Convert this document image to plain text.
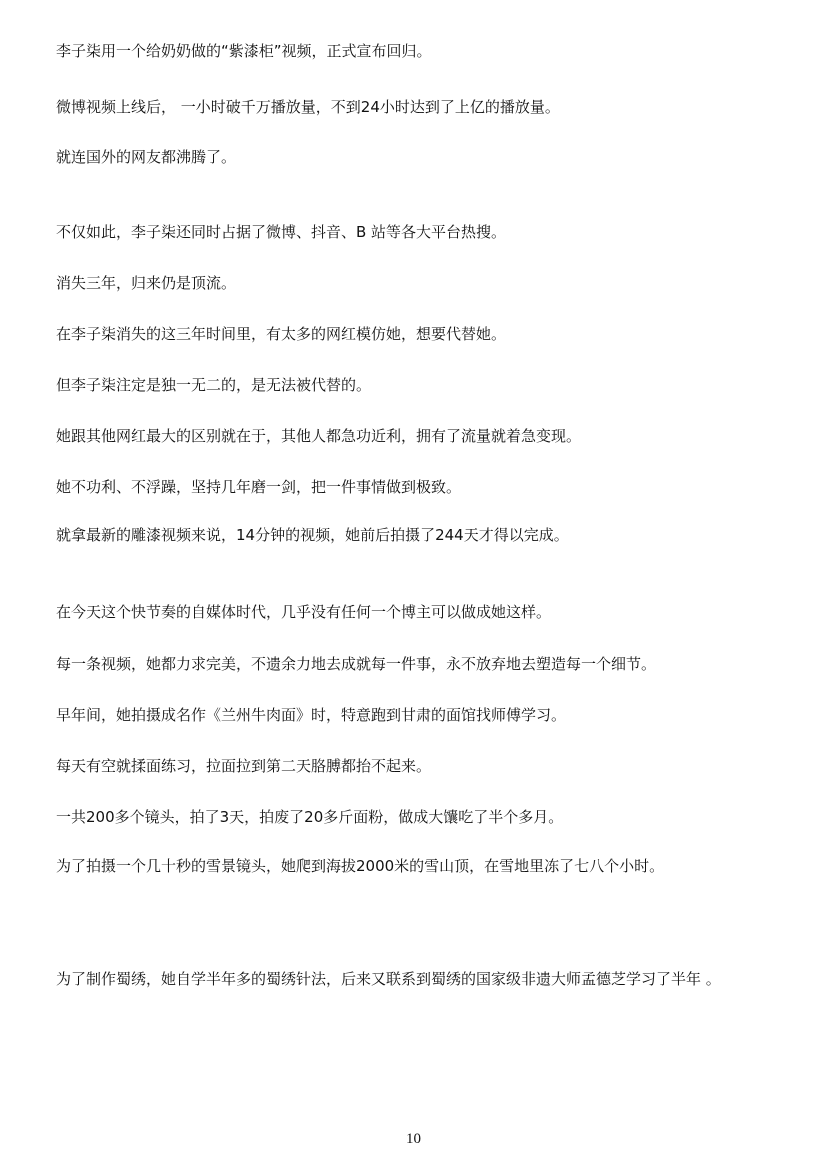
李子柒用一个给奶奶做的“紫漆柜”视频，正式宣布回归。

微博视频上线后， 一小时破千万播放量，不到24小时达到了上亿的播放量。

就连国外的网友都沸腾了。

不仅如此，李子柒还同时占据了微博、抖音、B 站等各大平台热搜。

消失三年，归来仍是顶流。

在李子柒消失的这三年时间里，有太多的网红模仿她，想要代替她。

但李子柒注定是独一无二的，是无法被代替的。

她跟其他网红最大的区别就在于，其他人都急功近利，拥有了流量就着急变现。

她不功利、不浮躁，坚持几年磨一剑，把一件事情做到极致。

就拿最新的雕漆视频来说，14分钟的视频，她前后拍摄了244天才得以完成。

在今天这个快节奏的自媒体时代，几乎没有任何一个博主可以做成她这样。

每一条视频，她都力求完美，不遗余力地去成就每一件事，永不放弃地去塑造每一个细节。

早年间，她拍摄成名作《兰州牛肉面》时，特意跑到甘肃的面馆找师傅学习。

每天有空就揉面练习，拉面拉到第二天胳膊都抬不起来。

一共200多个镜头，拍了3天，拍废了20多斤面粉，做成大馕吃了半个多月。

为了拍摄一个几十秒的雪景镜头，她爬到海拔2000米的雪山顶，在雪地里冻了七八个小时。

为了制作蜀绣，她自学半年多的蜀绣针法，后来又联系到蜀绣的国家级非遗大师孟德芝学习了半年 。

10
